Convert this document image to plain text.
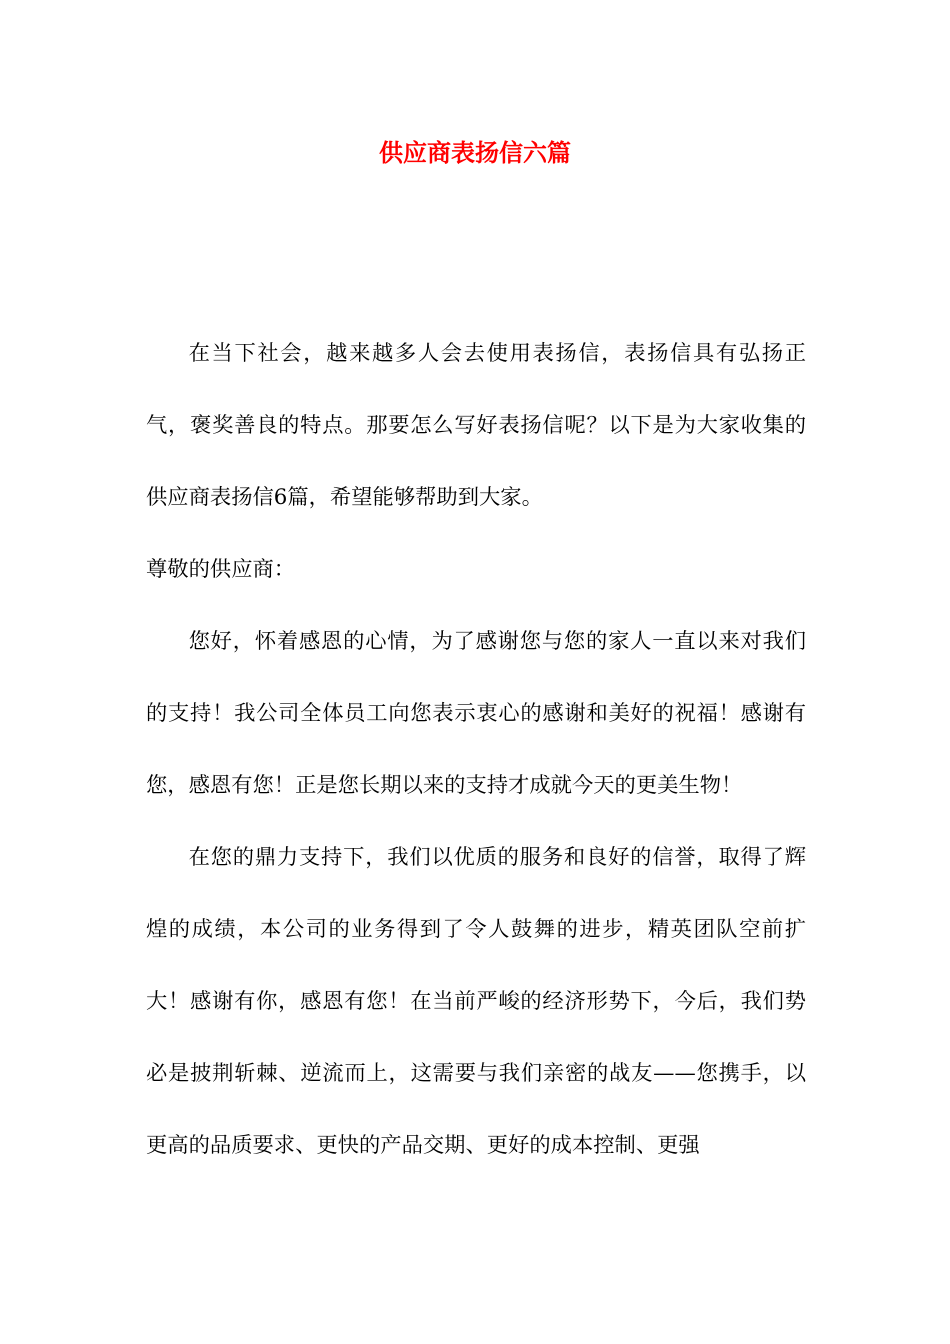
供应商表扬信六篇

在当下社会，越来越多人会去使用表扬信，表扬信具有弘扬正气，褒奖善良的特点。那要怎么写好表扬信呢？以下是为大家收集的供应商表扬信6篇，希望能够帮助到大家。

尊敬的供应商：

您好，怀着感恩的心情，为了感谢您与您的家人一直以来对我们的支持！我公司全体员工向您表示衷心的感谢和美好的祝福！感谢有您，感恩有您！正是您长期以来的支持才成就今天的更美生物！

在您的鼎力支持下，我们以优质的服务和良好的信誉，取得了辉煌的成绩，本公司的业务得到了令人鼓舞的进步，精英团队空前扩大！感谢有你，感恩有您！在当前严峻的经济形势下，今后，我们势必是披荆斩棘、逆流而上，这需要与我们亲密的战友——您携手，以更高的品质要求、更快的产品交期、更好的成本控制、更强
